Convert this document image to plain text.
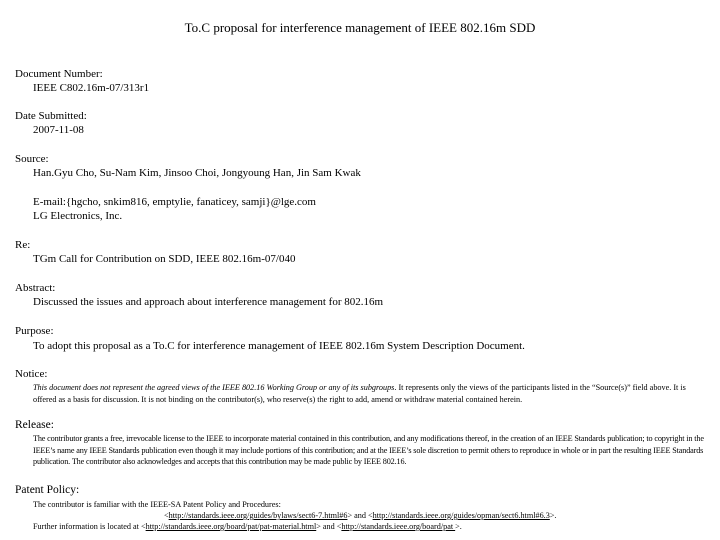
To.C proposal for interference management of IEEE 802.16m SDD
Document Number:
IEEE C802.16m-07/313r1
Date Submitted:
2007-11-08
Source:
Han.Gyu Cho, Su-Nam Kim, Jinsoo Choi, Jongyoung Han, Jin Sam Kwak
E-mail:{hgcho, snkim816, emptylie, fanaticey, samji}@lge.com
LG Electronics, Inc.
Re:
TGm Call for Contribution on SDD, IEEE 802.16m-07/040
Abstract:
Discussed the issues and approach about interference management for 802.16m
Purpose:
To adopt this proposal as a To.C for interference management of IEEE 802.16m System Description Document.
Notice:
This document does not represent the agreed views of the IEEE 802.16 Working Group or any of its subgroups. It represents only the views of the participants listed in the “Source(s)” field above. It is offered as a basis for discussion. It is not binding on the contributor(s), who reserve(s) the right to add, amend or withdraw material contained herein.
Release:
The contributor grants a free, irrevocable license to the IEEE to incorporate material contained in this contribution, and any modifications thereof, in the creation of an IEEE Standards publication; to copyright in the IEEE’s name any IEEE Standards publication even though it may include portions of this contribution; and at the IEEE’s sole discretion to permit others to reproduce in whole or in part the resulting IEEE Standards publication. The contributor also acknowledges and accepts that this contribution may be made public by IEEE 802.16.
Patent Policy:
The contributor is familiar with the IEEE-SA Patent Policy and Procedures:
<http://standards.ieee.org/guides/bylaws/sect6-7.html#6> and <http://standards.ieee.org/guides/opman/sect6.html#6.3>.
Further information is located at <http://standards.ieee.org/board/pat/pat-material.html> and <http://standards.ieee.org/board/pat >.
